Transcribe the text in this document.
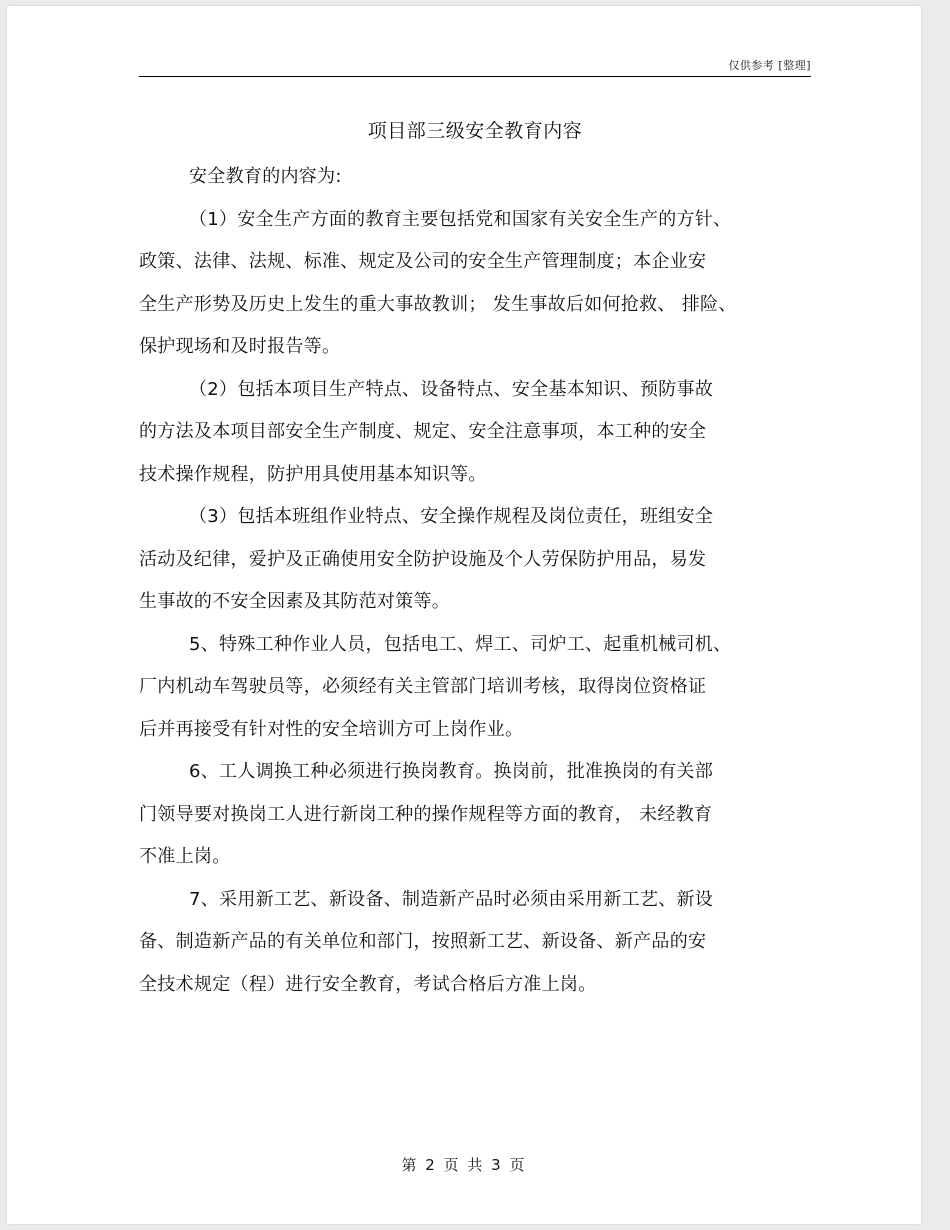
仅供参考 [整理]
项目部三级安全教育内容
安全教育的内容为:
（1）安全生产方面的教育主要包括党和国家有关安全生产的方针、
政策、法律、法规、标准、规定及公司的安全生产管理制度；本企业安
全生产形势及历史上发生的重大事故教训； 发生事故后如何抢救、 排险、
保护现场和及时报告等。
（2）包括本项目生产特点、设备特点、安全基本知识、预防事故
的方法及本项目部安全生产制度、规定、安全注意事项，本工种的安全
技术操作规程，防护用具使用基本知识等。
（3）包括本班组作业特点、安全操作规程及岗位责任，班组安全
活动及纪律，爱护及正确使用安全防护设施及个人劳保防护用品，易发
生事故的不安全因素及其防范对策等。
5、特殊工种作业人员，包括电工、焊工、司炉工、起重机械司机、
厂内机动车驾驶员等，必须经有关主管部门培训考核，取得岗位资格证
后并再接受有针对性的安全培训方可上岗作业。
6、工人调换工种必须进行换岗教育。换岗前，批准换岗的有关部
门领导要对换岗工人进行新岗工种的操作规程等方面的教育， 未经教育
不准上岗。
7、采用新工艺、新设备、制造新产品时必须由采用新工艺、新设
备、制造新产品的有关单位和部门，按照新工艺、新设备、新产品的安
全技术规定（程）进行安全教育，考试合格后方准上岗。
第 2 页 共 3 页
